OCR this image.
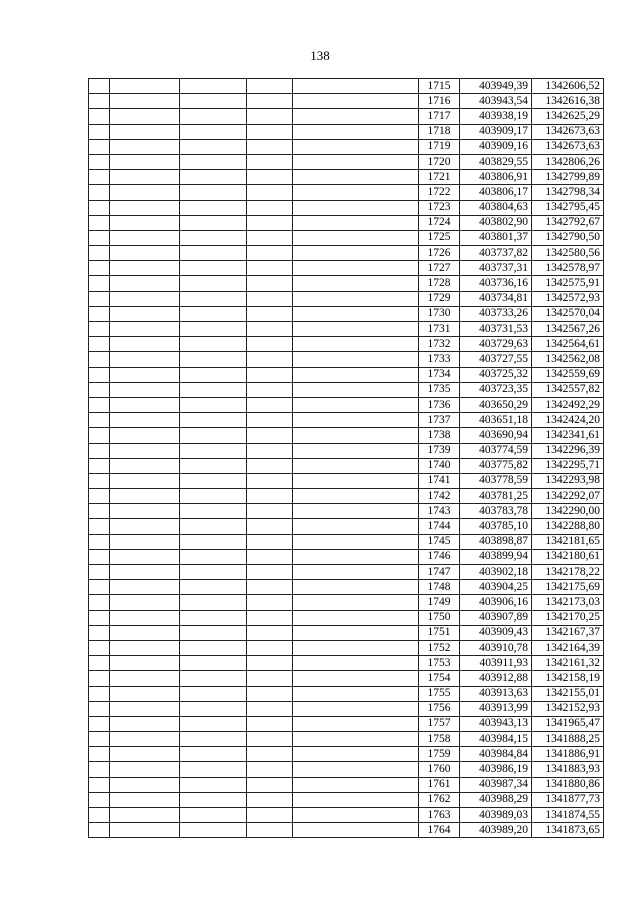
138
					1715	403949,39	1342606,52
					1716	403943,54	1342616,38
					1717	403938,19	1342625,29
					1718	403909,17	1342673,63
					1719	403909,16	1342673,63
					1720	403829,55	1342806,26
					1721	403806,91	1342799,89
					1722	403806,17	1342798,34
					1723	403804,63	1342795,45
					1724	403802,90	1342792,67
					1725	403801,37	1342790,50
					1726	403737,82	1342580,56
					1727	403737,31	1342578,97
					1728	403736,16	1342575,91
					1729	403734,81	1342572,93
					1730	403733,26	1342570,04
					1731	403731,53	1342567,26
					1732	403729,63	1342564,61
					1733	403727,55	1342562,08
					1734	403725,32	1342559,69
					1735	403723,35	1342557,82
					1736	403650,29	1342492,29
					1737	403651,18	1342424,20
					1738	403690,94	1342341,61
					1739	403774,59	1342296,39
					1740	403775,82	1342295,71
					1741	403778,59	1342293,98
					1742	403781,25	1342292,07
					1743	403783,78	1342290,00
					1744	403785,10	1342288,80
					1745	403898,87	1342181,65
					1746	403899,94	1342180,61
					1747	403902,18	1342178,22
					1748	403904,25	1342175,69
					1749	403906,16	1342173,03
					1750	403907,89	1342170,25
					1751	403909,43	1342167,37
					1752	403910,78	1342164,39
					1753	403911,93	1342161,32
					1754	403912,88	1342158,19
					1755	403913,63	1342155,01
					1756	403913,99	1342152,93
					1757	403943,13	1341965,47
					1758	403984,15	1341888,25
					1759	403984,84	1341886,91
					1760	403986,19	1341883,93
					1761	403987,34	1341880,86
					1762	403988,29	1341877,73
					1763	403989,03	1341874,55
					1764	403989,20	1341873,65
